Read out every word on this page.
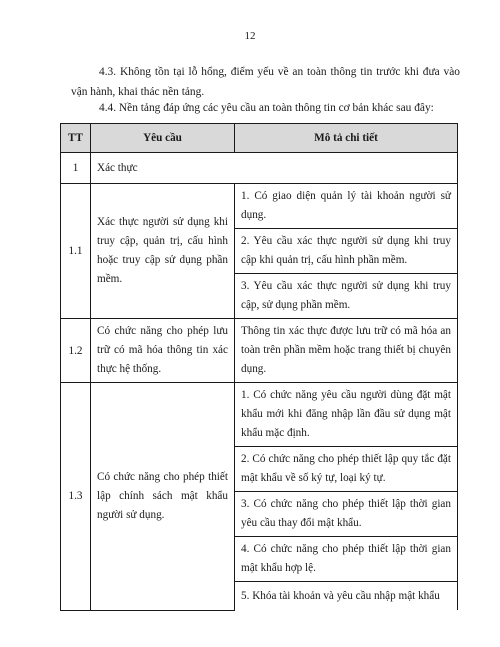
12

4.3. Không tồn tại lỗ hổng, điểm yếu về an toàn thông tin trước khi đưa vào vận hành, khai thác nền tảng.

4.4. Nền tảng đáp ứng các yêu cầu an toàn thông tin cơ bản khác sau đây:

TT	Yêu cầu	Mô tả chi tiết
1	Xác thực	

1.1	Xác thực người sử dụng khi truy cập, quản trị, cấu hình hoặc truy cập sử dụng phần mềm.	1. Có giao diện quản lý tài khoản người sử dụng.

		2. Yêu cầu xác thực người sử dụng khi truy cập khi quản trị, cấu hình phần mềm.

		3. Yêu cầu xác thực người sử dụng khi truy cập, sử dụng phần mềm.

1.2	Có chức năng cho phép lưu trữ có mã hóa thông tin xác thực hệ thống.	Thông tin xác thực được lưu trữ có mã hóa an toàn trên phần mềm hoặc trang thiết bị chuyên dụng.

1.3	Có chức năng cho phép thiết lập chính sách mật khẩu người sử dụng.	1. Có chức năng yêu cầu người dùng đặt mật khẩu mới khi đăng nhập lần đầu sử dụng mật khẩu mặc định.

		2. Có chức năng cho phép thiết lập quy tắc đặt mật khẩu về số ký tự, loại ký tự.

		3. Có chức năng cho phép thiết lập thời gian yêu cầu thay đổi mật khẩu.

		4. Có chức năng cho phép thiết lập thời gian mật khẩu hợp lệ.

		5. Khóa tài khoản và yêu cầu nhập mật khẩu
